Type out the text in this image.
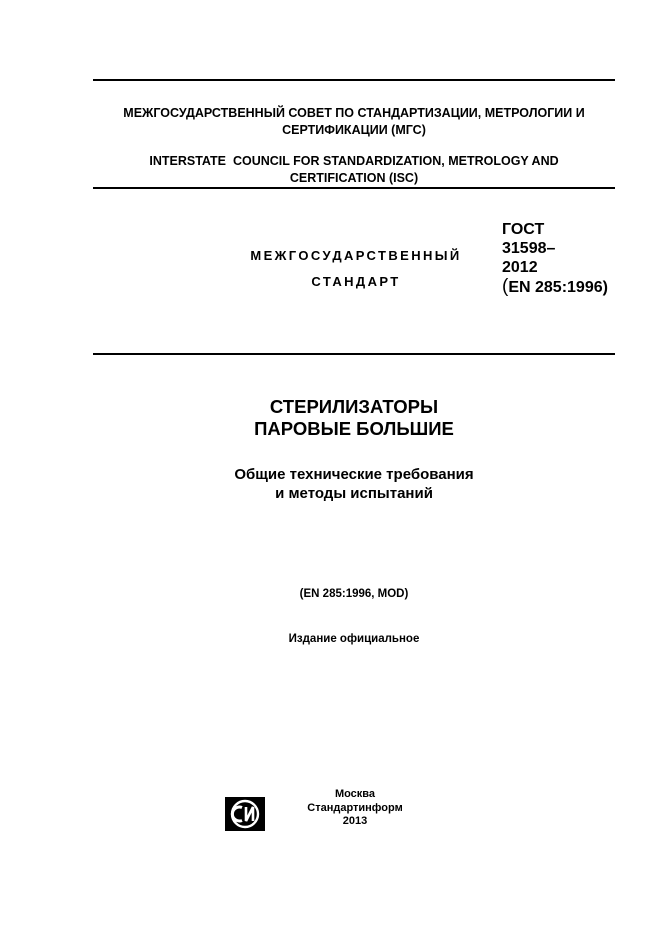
МЕЖГОСУДАРСТВЕННЫЙ СОВЕТ ПО СТАНДАРТИЗАЦИИ, МЕТРОЛОГИИ И
СЕРТИФИКАЦИИ (МГС)
INTERSTATE  COUNCIL FOR STANDARDIZATION, METROLOGY AND
CERTIFICATION (ISC)
МЕЖГОСУДАРСТВЕННЫЙ
СТАНДАРТ
ГОСТ
31598–
2012
(EN 285:1996)
СТЕРИЛИЗАТОРЫ
ПАРОВЫЕ БОЛЬШИЕ
Общие технические требования
и методы испытаний
(EN 285:1996, MOD)
Издание официальное
Москва
Стандартинформ
2013
